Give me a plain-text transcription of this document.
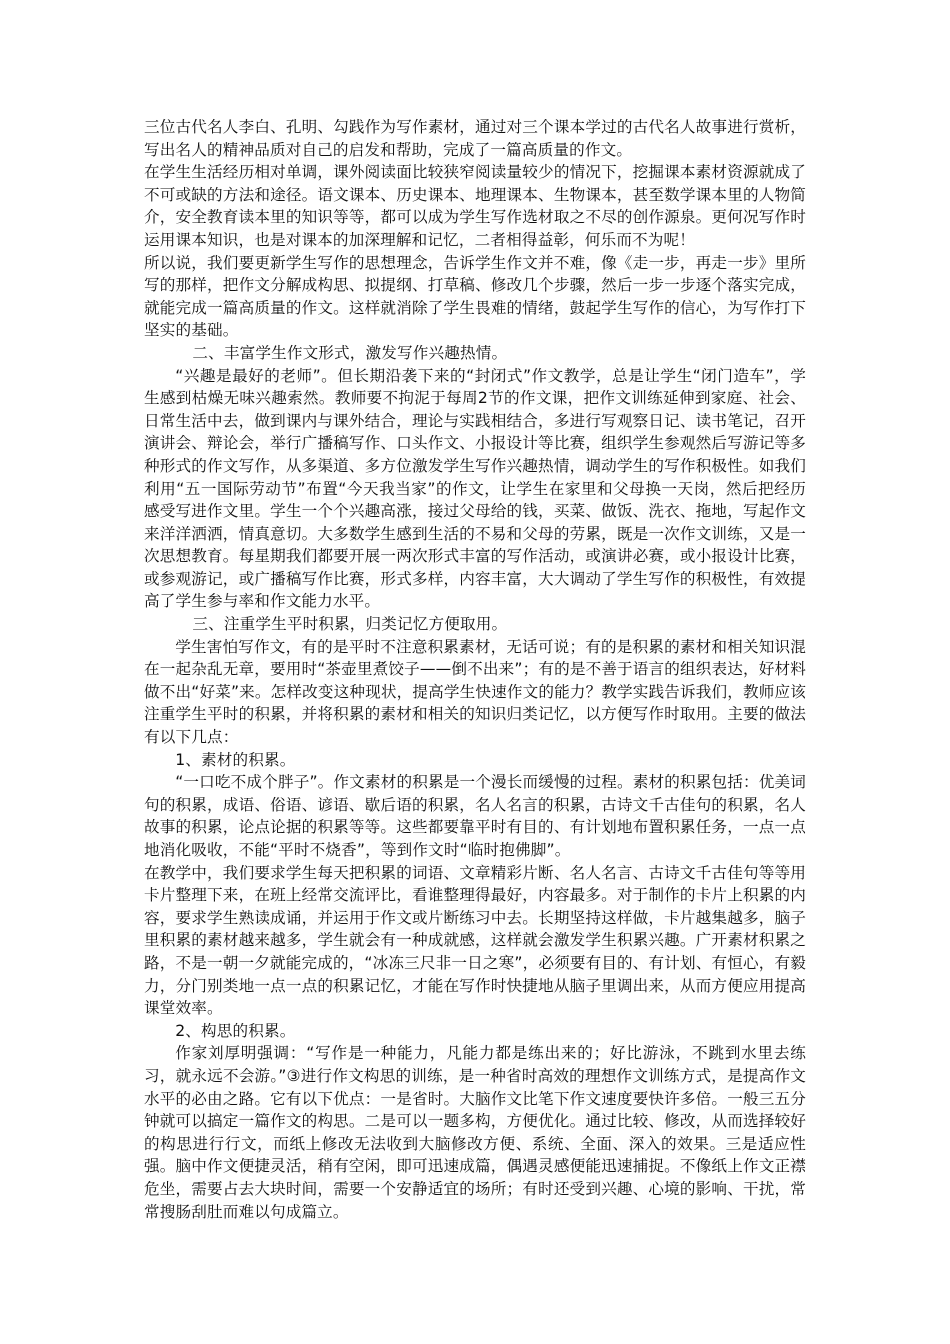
三位古代名人李白、孔明、勾践作为写作素材，通过对三个课本学过的古代名人故事进行赏析，写出名人的精神品质对自己的启发和帮助，完成了一篇高质量的作文。

在学生生活经历相对单调，课外阅读面比较狭窄阅读量较少的情况下，挖掘课本素材资源就成了不可或缺的方法和途径。语文课本、历史课本、地理课本、生物课本，甚至数学课本里的人物简介，安全教育读本里的知识等等，都可以成为学生写作选材取之不尽的创作源泉。更何况写作时运用课本知识，也是对课本的加深理解和记忆，二者相得益彰，何乐而不为呢！

所以说，我们要更新学生写作的思想理念，告诉学生作文并不难，像《走一步，再走一步》里所写的那样，把作文分解成构思、拟提纲、打草稿、修改几个步骤，然后一步一步逐个落实完成，就能完成一篇高质量的作文。这样就消除了学生畏难的情绪，鼓起学生写作的信心，为写作打下坚实的基础。

二、丰富学生作文形式，激发写作兴趣热情。

“兴趣是最好的老师”。但长期沿袭下来的“封闭式”作文教学，总是让学生“闭门造车”，学生感到枯燥无味兴趣索然。教师要不拘泥于每周2节的作文课，把作文训练延伸到家庭、社会、日常生活中去，做到课内与课外结合，理论与实践相结合，多进行写观察日记、读书笔记，召开演讲会、辩论会，举行广播稿写作、口头作文、小报设计等比赛，组织学生参观然后写游记等多种形式的作文写作，从多渠道、多方位激发学生写作兴趣热情，调动学生的写作积极性。如我们利用“五一国际劳动节”布置“今天我当家”的作文，让学生在家里和父母换一天岗，然后把经历感受写进作文里。学生一个个兴趣高涨，接过父母给的钱，买菜、做饭、洗衣、拖地，写起作文来洋洋洒洒，情真意切。大多数学生感到生活的不易和父母的劳累，既是一次作文训练，又是一次思想教育。每星期我们都要开展一两次形式丰富的写作活动，或演讲必赛，或小报设计比赛，或参观游记，或广播稿写作比赛，形式多样，内容丰富，大大调动了学生写作的积极性，有效提高了学生参与率和作文能力水平。

三、注重学生平时积累，归类记忆方便取用。

学生害怕写作文，有的是平时不注意积累素材，无话可说；有的是积累的素材和相关知识混在一起杂乱无章，要用时“茶壶里煮饺子——倒不出来”；有的是不善于语言的组织表达，好材料做不出“好菜”来。怎样改变这种现状，提高学生快速作文的能力？教学实践告诉我们，教师应该注重学生平时的积累，并将积累的素材和相关的知识归类记忆，以方便写作时取用。主要的做法有以下几点：

1、素材的积累。

“一口吃不成个胖子”。作文素材的积累是一个漫长而缓慢的过程。素材的积累包括：优美词句的积累，成语、俗语、谚语、歇后语的积累，名人名言的积累，古诗文千古佳句的积累，名人故事的积累，论点论据的积累等等。这些都要靠平时有目的、有计划地布置积累任务，一点一点地消化吸收，不能“平时不烧香”，等到作文时“临时抱佛脚”。

在教学中，我们要求学生每天把积累的词语、文章精彩片断、名人名言、古诗文千古佳句等等用卡片整理下来，在班上经常交流评比，看谁整理得最好，内容最多。对于制作的卡片上积累的内容，要求学生熟读成诵，并运用于作文或片断练习中去。长期坚持这样做，卡片越集越多，脑子里积累的素材越来越多，学生就会有一种成就感，这样就会激发学生积累兴趣。广开素材积累之路，不是一朝一夕就能完成的，“冰冻三尺非一日之寒”，必须要有目的、有计划、有恒心，有毅力，分门别类地一点一点的积累记忆，才能在写作时快捷地从脑子里调出来，从而方便应用提高课堂效率。

2、构思的积累。

作家刘厚明强调：“写作是一种能力，凡能力都是练出来的；好比游泳，不跳到水里去练习，就永远不会游。”③进行作文构思的训练，是一种省时高效的理想作文训练方式，是提高作文水平的必由之路。它有以下优点：一是省时。大脑作文比笔下作文速度要快许多倍。一般三五分钟就可以搞定一篇作文的构思。二是可以一题多构，方便优化。通过比较、修改，从而选择较好的构思进行行文，而纸上修改无法收到大脑修改方便、系统、全面、深入的效果。三是适应性强。脑中作文便捷灵活，稍有空闲，即可迅速成篇，偶遇灵感便能迅速捕捉。不像纸上作文正襟危坐，需要占去大块时间，需要一个安静适宜的场所；有时还受到兴趣、心境的影响、干扰，常常搜肠刮肚而难以句成篇立。
